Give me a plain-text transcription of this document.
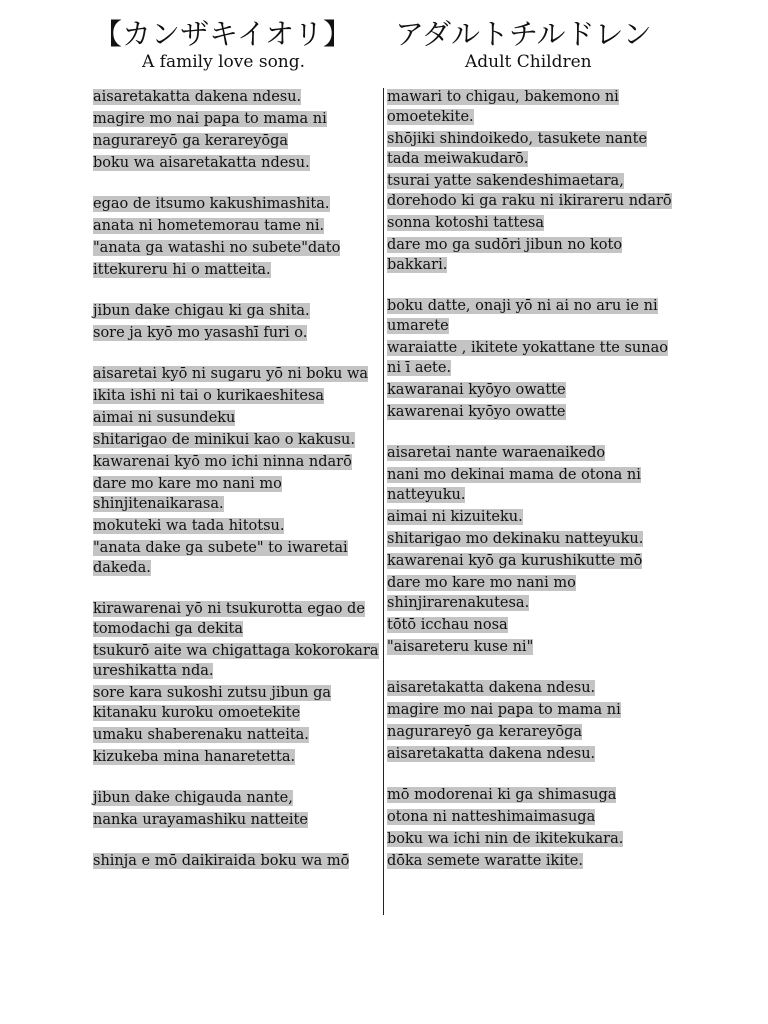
【カンザキイオリ】 アダルトチルドレン
A family love song.	Adult Children
aisaretakatta dakena ndesu.
magire mo nai papa to mama ni
nagurareyō ga kerareyōga
boku wa aisaretakatta ndesu.
egao de itsumo kakushimashita.
anata ni hometemorau tame ni.
"anata ga watashi no subete"dato
ittekureru hi o matteita.
jibun dake chigau ki ga shita.
sore ja kyō mo yasashī furi o.
aisaretai kyō ni sugaru yō ni boku wa
ikita ishi ni tai o kurikaeshitesa
aimai ni susundeku
shitarigao de minikui kao o kakusu.
kawarenai kyō mo ichi ninna ndarō
dare mo kare mo nani mo shinjitenaikarasa.
mokuteki wa tada hitotsu.
"anata dake ga subete" to iwaretai dakeda.
kirawarenai yō ni tsukurotta egao de tomodachi ga dekita
tsukurō aite wa chigattaga kokorokara ureshikatta nda.
sore kara sukoshi zutsu jibun ga kitanaku kuroku omoetekite
umaku shaberenaku natteita.
kizukeba mina hanaretetta.
jibun dake chigauda nante,
nanka urayamashiku natteite
shinja e mō daikiraida boku wa mō
mawari to chigau, bakemono ni omoetekite.
shōjiki shindoikedo, tasukete nante tada meiwakudarō.
tsurai yatte sakendeshimaetara, dorehodo ki ga raku ni ikirareru ndarō
sonna kotoshi tattesa
dare mo ga sudōri jibun no koto bakkari.
boku datte, onaji yō ni ai no aru ie ni umarete
waraiatte , ikitete yokattane tte sunao ni ī aete.
kawaranai kyōyo owatte
kawarenai kyōyo owatte
aisaretai nante waraenaikedo
nani mo dekinai mama de otona ni natteyuku.
aimai ni kizuiteku.
shitarigao mo dekinaku natteyuku.
kawarenai kyō ga kurushikutte mō
dare mo kare mo nani mo shinjirarenakutesa.
tōtō icchau nosa
"aisareteru kuse ni"
aisaretakatta dakena ndesu.
magire mo nai papa to mama ni
nagurareyō ga kerareyōga
aisaretakatta dakena ndesu.
mō modorenai ki ga shimasuga
otona ni natteshimaimasuga
boku wa ichi nin de ikitekukara.
dōka semete waratte ikite.
